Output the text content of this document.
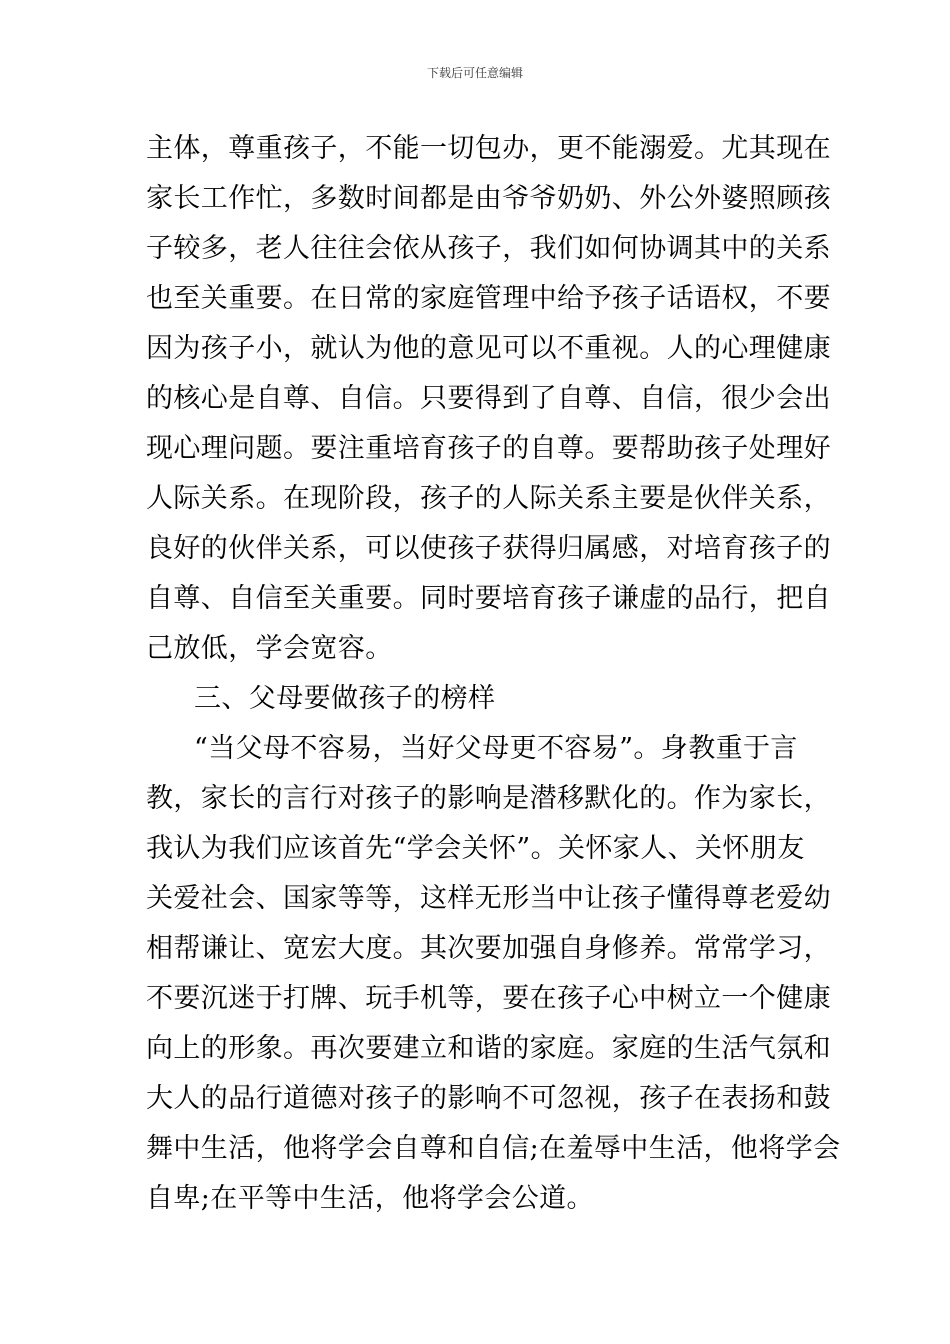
下载后可任意编辑
主体，尊重孩子，不能一切包办，更不能溺爱。尤其现在
家长工作忙，多数时间都是由爷爷奶奶、外公外婆照顾孩
子较多，老人往往会依从孩子，我们如何协调其中的关系
也至关重要。在日常的家庭管理中给予孩子话语权，不要
因为孩子小，就认为他的意见可以不重视。人的心理健康
的核心是自尊、自信。只要得到了自尊、自信，很少会出
现心理问题。要注重培育孩子的自尊。要帮助孩子处理好
人际关系。在现阶段，孩子的人际关系主要是伙伴关系，
良好的伙伴关系，可以使孩子获得归属感，对培育孩子的
自尊、自信至关重要。同时要培育孩子谦虚的品行，把自
己放低，学会宽容。
三、父母要做孩子的榜样
“当父母不容易，当好父母更不容易”。身教重于言
教，家长的言行对孩子的影响是潜移默化的。作为家长，
我认为我们应该首先“学会关怀”。关怀家人、关怀朋友
关爱社会、国家等等，这样无形当中让孩子懂得尊老爱幼
相帮谦让、宽宏大度。其次要加强自身修养。常常学习，
不要沉迷于打牌、玩手机等，要在孩子心中树立一个健康
向上的形象。再次要建立和谐的家庭。家庭的生活气氛和
大人的品行道德对孩子的影响不可忽视，孩子在表扬和鼓
舞中生活，他将学会自尊和自信;在羞辱中生活，他将学会
自卑;在平等中生活，他将学会公道。
